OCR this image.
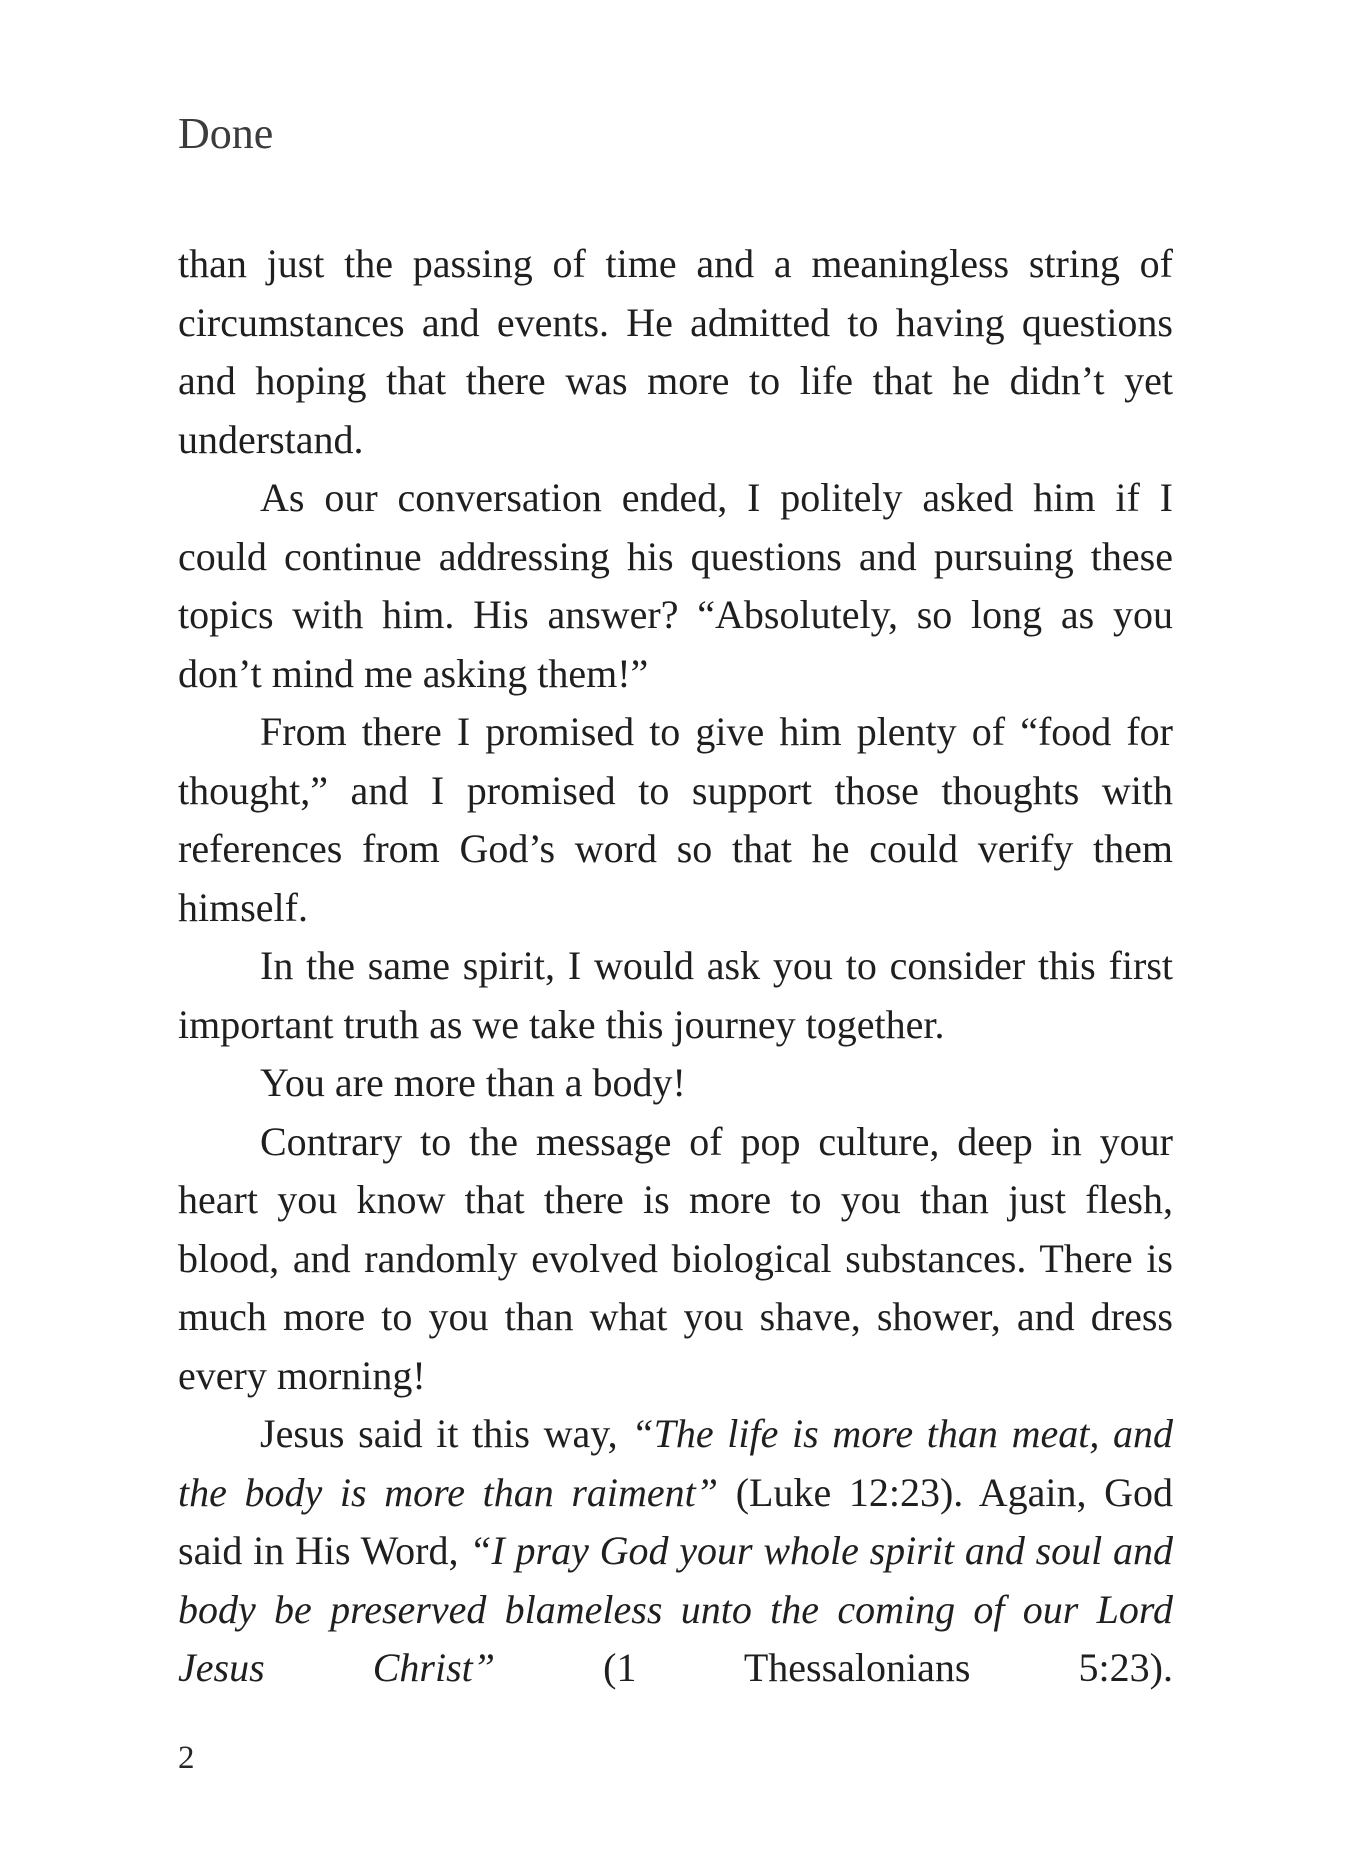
Done

than just the passing of time and a meaningless string of circumstances and events. He admitted to having questions and hoping that there was more to life that he didn’t yet understand.

As our conversation ended, I politely asked him if I could continue addressing his questions and pursuing these topics with him. His answer? “Absolutely, so long as you don’t mind me asking them!”

From there I promised to give him plenty of “food for thought,” and I promised to support those thoughts with references from God’s word so that he could verify them himself.

In the same spirit, I would ask you to consider this first important truth as we take this journey together.

You are more than a body!

Contrary to the message of pop culture, deep in your heart you know that there is more to you than just flesh, blood, and randomly evolved biological substances. There is much more to you than what you shave, shower, and dress every morning!

Jesus said it this way, “The life is more than meat, and the body is more than raiment” (Luke 12:23). Again, God said in His Word, “I pray God your whole spirit and soul and body be preserved blameless unto the coming of our Lord Jesus Christ” (1 Thessalonians 5:23).

2
